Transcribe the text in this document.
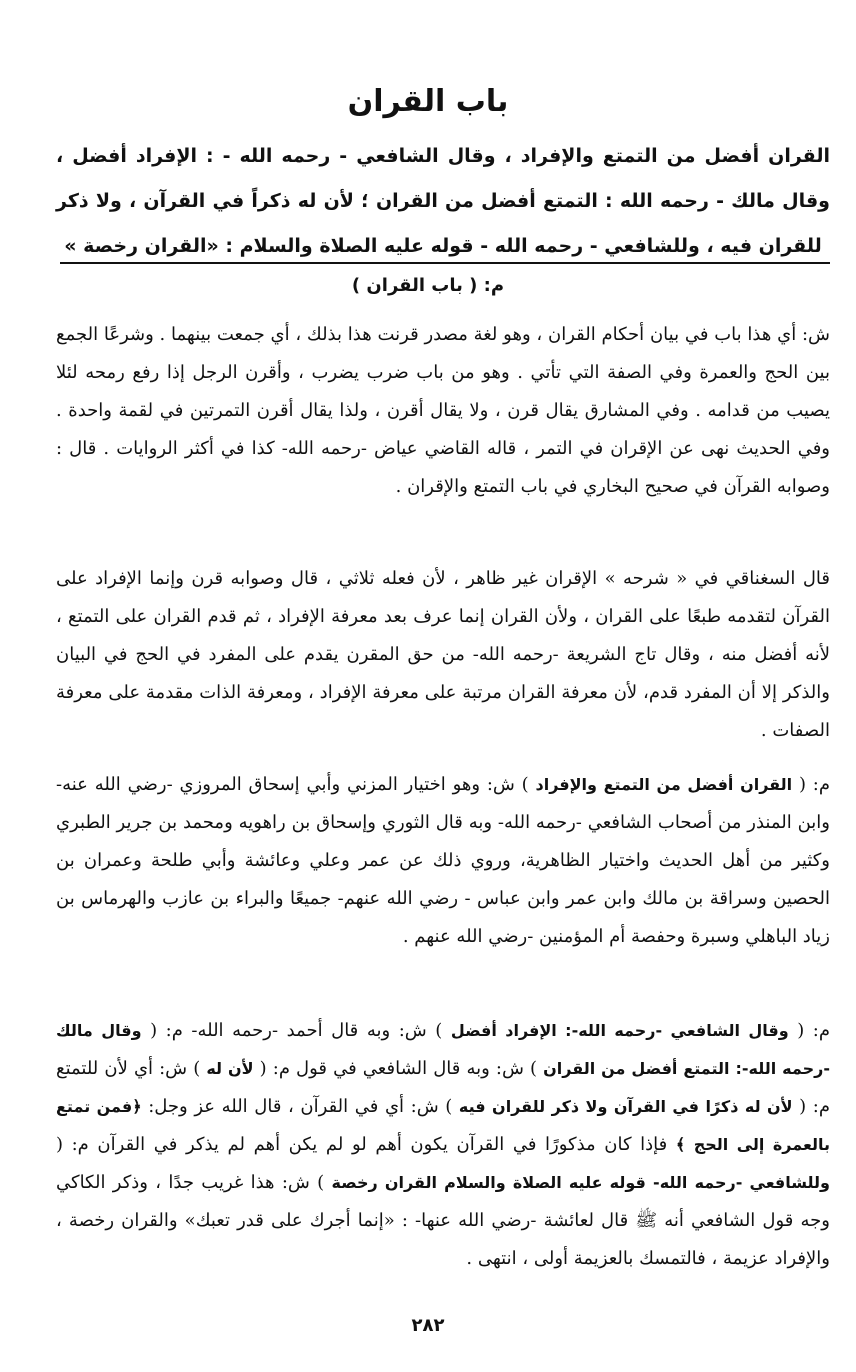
باب القران

القران أفضل من التمتع والإفراد ، وقال الشافعي - رحمه الله - : الإفراد أفضل ، وقال مالك - رحمه الله : التمتع أفضل من القران ؛ لأن له ذكراً في القرآن ، ولا ذكر للقران فيه ، وللشافعي - رحمه الله - قوله عليه الصلاة والسلام : «القران رخصة »

م: ( باب القران )

ش: أي هذا باب في بيان أحكام القران ، وهو لغة مصدر قرنت هذا بذلك ، أي جمعت بينهما . وشرعًا الجمع بين الحج والعمرة وفي الصفة التي تأتي . وهو من باب ضرب يضرب ، وأقرن الرجل إذا رفع رمحه لئلا يصيب من قدامه . وفي المشارق يقال قرن ، ولا يقال أقرن ، ولذا يقال أقرن التمرتين في لقمة واحدة . وفي الحديث نهى عن الإقران في التمر ، قاله القاضي عياض -رحمه الله- كذا في أكثر الروايات . قال : وصوابه القرآن في صحيح البخاري في باب التمتع والإقران .

قال السغناقي في « شرحه » الإقران غير ظاهر ، لأن فعله ثلاثي ، قال وصوابه قرن وإنما الإفراد على القرآن لتقدمه طبعًا على القران ، ولأن القران إنما عرف بعد معرفة الإفراد ، ثم قدم القران على التمتع ، لأنه أفضل منه ، وقال تاج الشريعة -رحمه الله- من حق المقرن يقدم على المفرد في الحج في البيان والذكر إلا أن المفرد قدم، لأن معرفة القران مرتبة على معرفة الإفراد ، ومعرفة الذات مقدمة على معرفة الصفات .

م: ( القران أفضل من التمتع والإفراد ) ش: وهو اختيار المزني وأبي إسحاق المروزي -رضي الله عنه- وابن المنذر من أصحاب الشافعي -رحمه الله- وبه قال الثوري وإسحاق بن راهويه ومحمد بن جرير الطبري وكثير من أهل الحديث واختيار الظاهرية، وروي ذلك عن عمر وعلي وعائشة وأبي طلحة وعمران بن الحصين وسراقة بن مالك وابن عمر وابن عباس - رضي الله عنهم- جميعًا والبراء بن عازب والهرماس بن زياد الباهلي وسبرة وحفصة أم المؤمنين -رضي الله عنهم .

م: ( وقال الشافعي -رحمه الله-: الإفراد أفضل ) ش: وبه قال أحمد -رحمه الله- م: ( وقال مالك -رحمه الله-: التمتع أفضل من القران ) ش: وبه قال الشافعي في قول م: ( لأن له ) ش: أي لأن للتمتع م: ( لأن له ذكرًا في القرآن ولا ذكر للقران فيه ) ش: أي في القرآن ، قال الله عز وجل: ﴿فمن تمتع بالعمرة إلى الحج ﴾ فإذا كان مذكورًا في القرآن يكون أهم لو لم يكن أهم لم يذكر في القرآن م: ( وللشافعي -رحمه الله- قوله عليه الصلاة والسلام القران رخصة ) ش: هذا غريب جدًا ، وذكر الكاكي وجه قول الشافعي أنه ﷺ قال لعائشة -رضي الله عنها- : «إنما أجرك على قدر تعبك» والقران رخصة ، والإفراد عزيمة ، فالتمسك بالعزيمة أولى ، انتهى .

٢٨٢
